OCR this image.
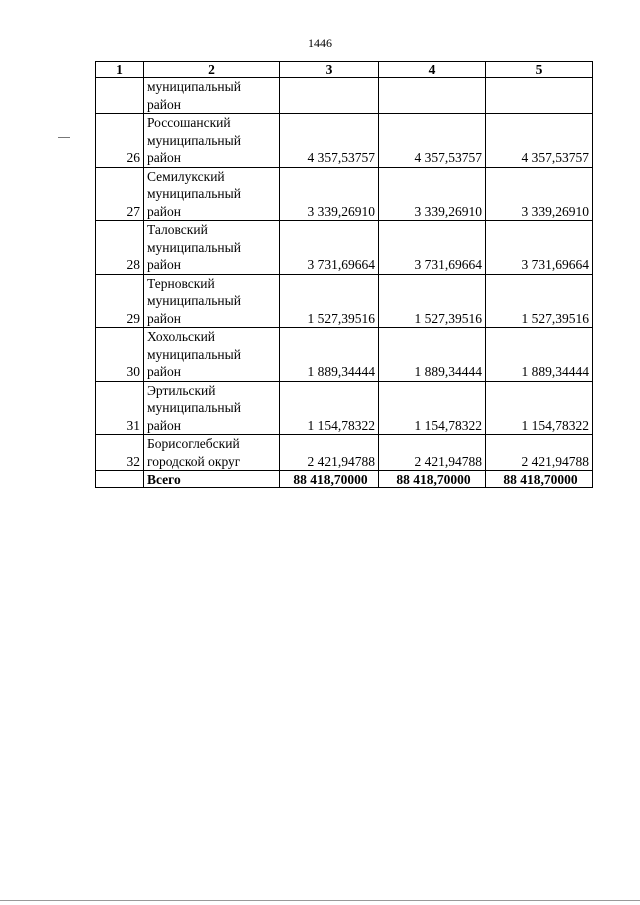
1446
1	2	3	4	5
	муниципальный
район			
26	Россошанский
муниципальный
район	4 357,53757	4 357,53757	4 357,53757
27	Семилукский
муниципальный
район	3 339,26910	3 339,26910	3 339,26910
28	Таловский
муниципальный
район	3 731,69664	3 731,69664	3 731,69664
29	Терновский
муниципальный
район	1 527,39516	1 527,39516	1 527,39516
30	Хохольский
муниципальный
район	1 889,34444	1 889,34444	1 889,34444
31	Эртильский
муниципальный
район	1 154,78322	1 154,78322	1 154,78322
32	Борисоглебский
городской округ	2 421,94788	2 421,94788	2 421,94788
	Всего	88 418,70000	88 418,70000	88 418,70000
